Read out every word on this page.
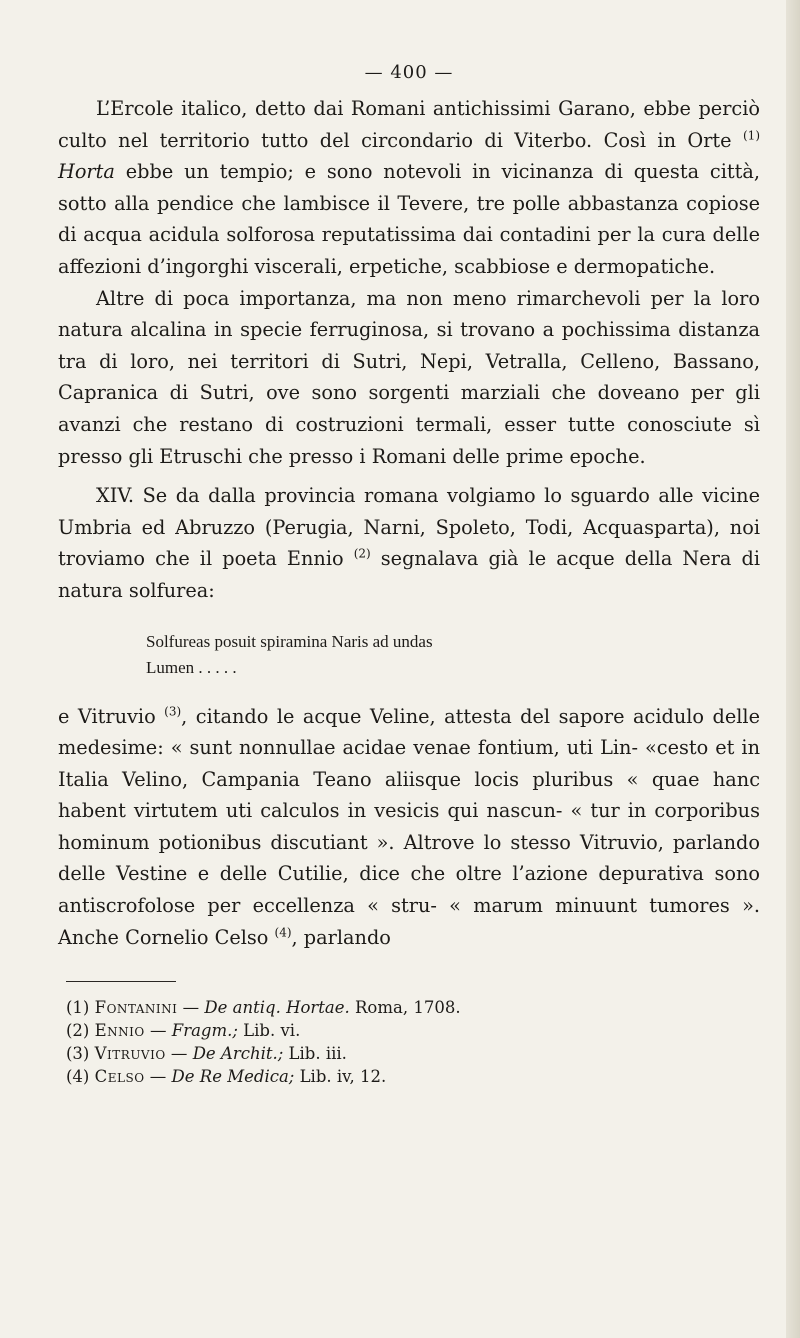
— 400 —

L’Ercole italico, detto dai Romani antichissimi Garano, ebbe perciò culto nel territorio tutto del circondario di Viterbo. Così in Orte $^{(1)}$ Horta ebbe un tempio; e sono notevoli in vicinanza di questa città, sotto alla pendice che lambisce il Tevere, tre polle abbastanza copiose di acqua acidula solforosa reputatissima dai contadini per la cura delle affezioni d’ingorghi viscerali, erpetiche, scabbiose e dermopatiche.

Altre di poca importanza, ma non meno rimarchevoli per la loro natura alcalina in specie ferruginosa, si trovano a pochissima distanza tra di loro, nei territori di Sutri, Nepi, Vetralla, Celleno, Bassano, Capranica di Sutri, ove sono sorgenti marziali che doveano per gli avanzi che restano di costruzioni termali, esser tutte conosciute sì presso gli Etruschi che presso i Romani delle prime epoche.

XIV. Se da dalla provincia romana volgiamo lo sguardo alle vicine Umbria ed Abruzzo (Perugia, Narni, Spoleto, Todi, Acquasparta), noi troviamo che il poeta Ennio $^{(2)}$ segnalava già le acque della Nera di natura solfurea:

Solfureas posuit spiramina Naris ad undas
Lumen . . . . .

e Vitruvio $^{(3)}$, citando le acque Veline, attesta del sapore acidulo delle medesime: « sunt nonnullae acidae venae fontium, uti Lin- «cesto et in Italia Velino, Campania Teano aliisque locis pluribus « quae hanc habent virtutem uti calculos in vesicis qui nascun- « tur in corporibus hominum potionibus discutiant ». Altrove lo stesso Vitruvio, parlando delle Vestine e delle Cutilie, dice che oltre l’azione depurativa sono antiscrofolose per eccellenza « stru- « marum minuunt tumores ». Anche Cornelio Celso $^{(4)}$, parlando

(1) Fontanini — De antiq. Hortae. Roma, 1708.
(2) Ennio — Fragm.; Lib. vi.
(3) Vitruvio — De Archit.; Lib. iii.
(4) Celso — De Re Medica; Lib. iv, 12.
